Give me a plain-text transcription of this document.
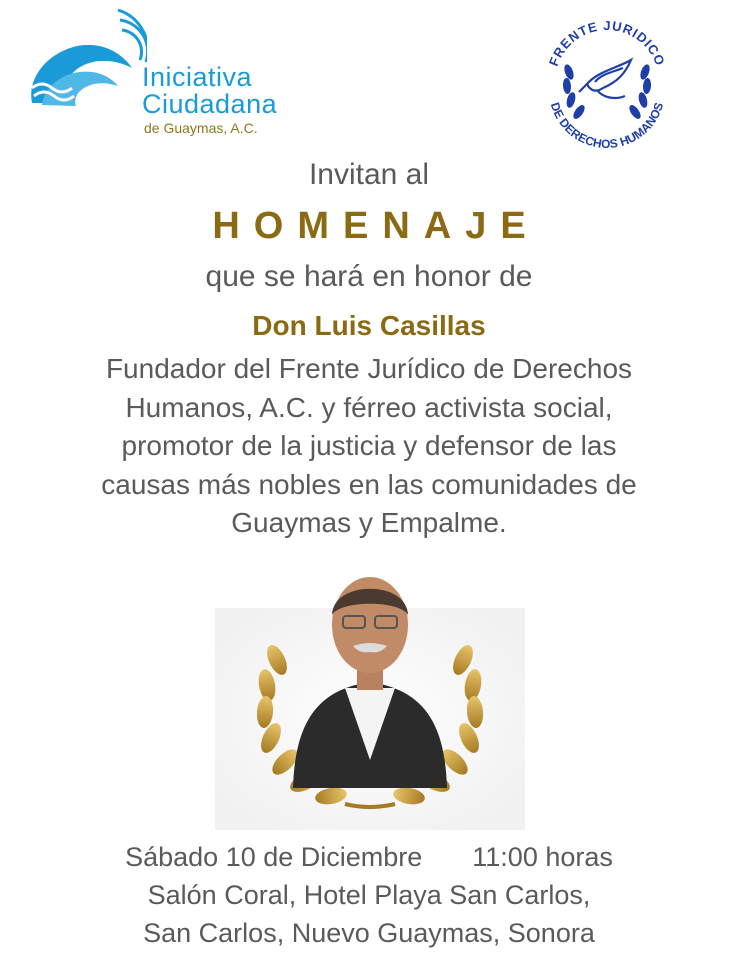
Iniciativa
Ciudadana
de Guaymas, A.C.
FRENTE JURIDICO
DE DERECHOS HUMANOS
Invitan al
HOMENAJE
que se hará en honor de
Don Luis Casillas
Fundador del Frente Jurídico de Derechos
Humanos, A.C. y férreo activista social,
promotor de la justicia y defensor de las
causas más nobles en las comunidades de
Guaymas y Empalme.
Sábado 10 de Diciembre 11:00 horas
Salón Coral, Hotel Playa San Carlos,
San Carlos, Nuevo Guaymas, Sonora
